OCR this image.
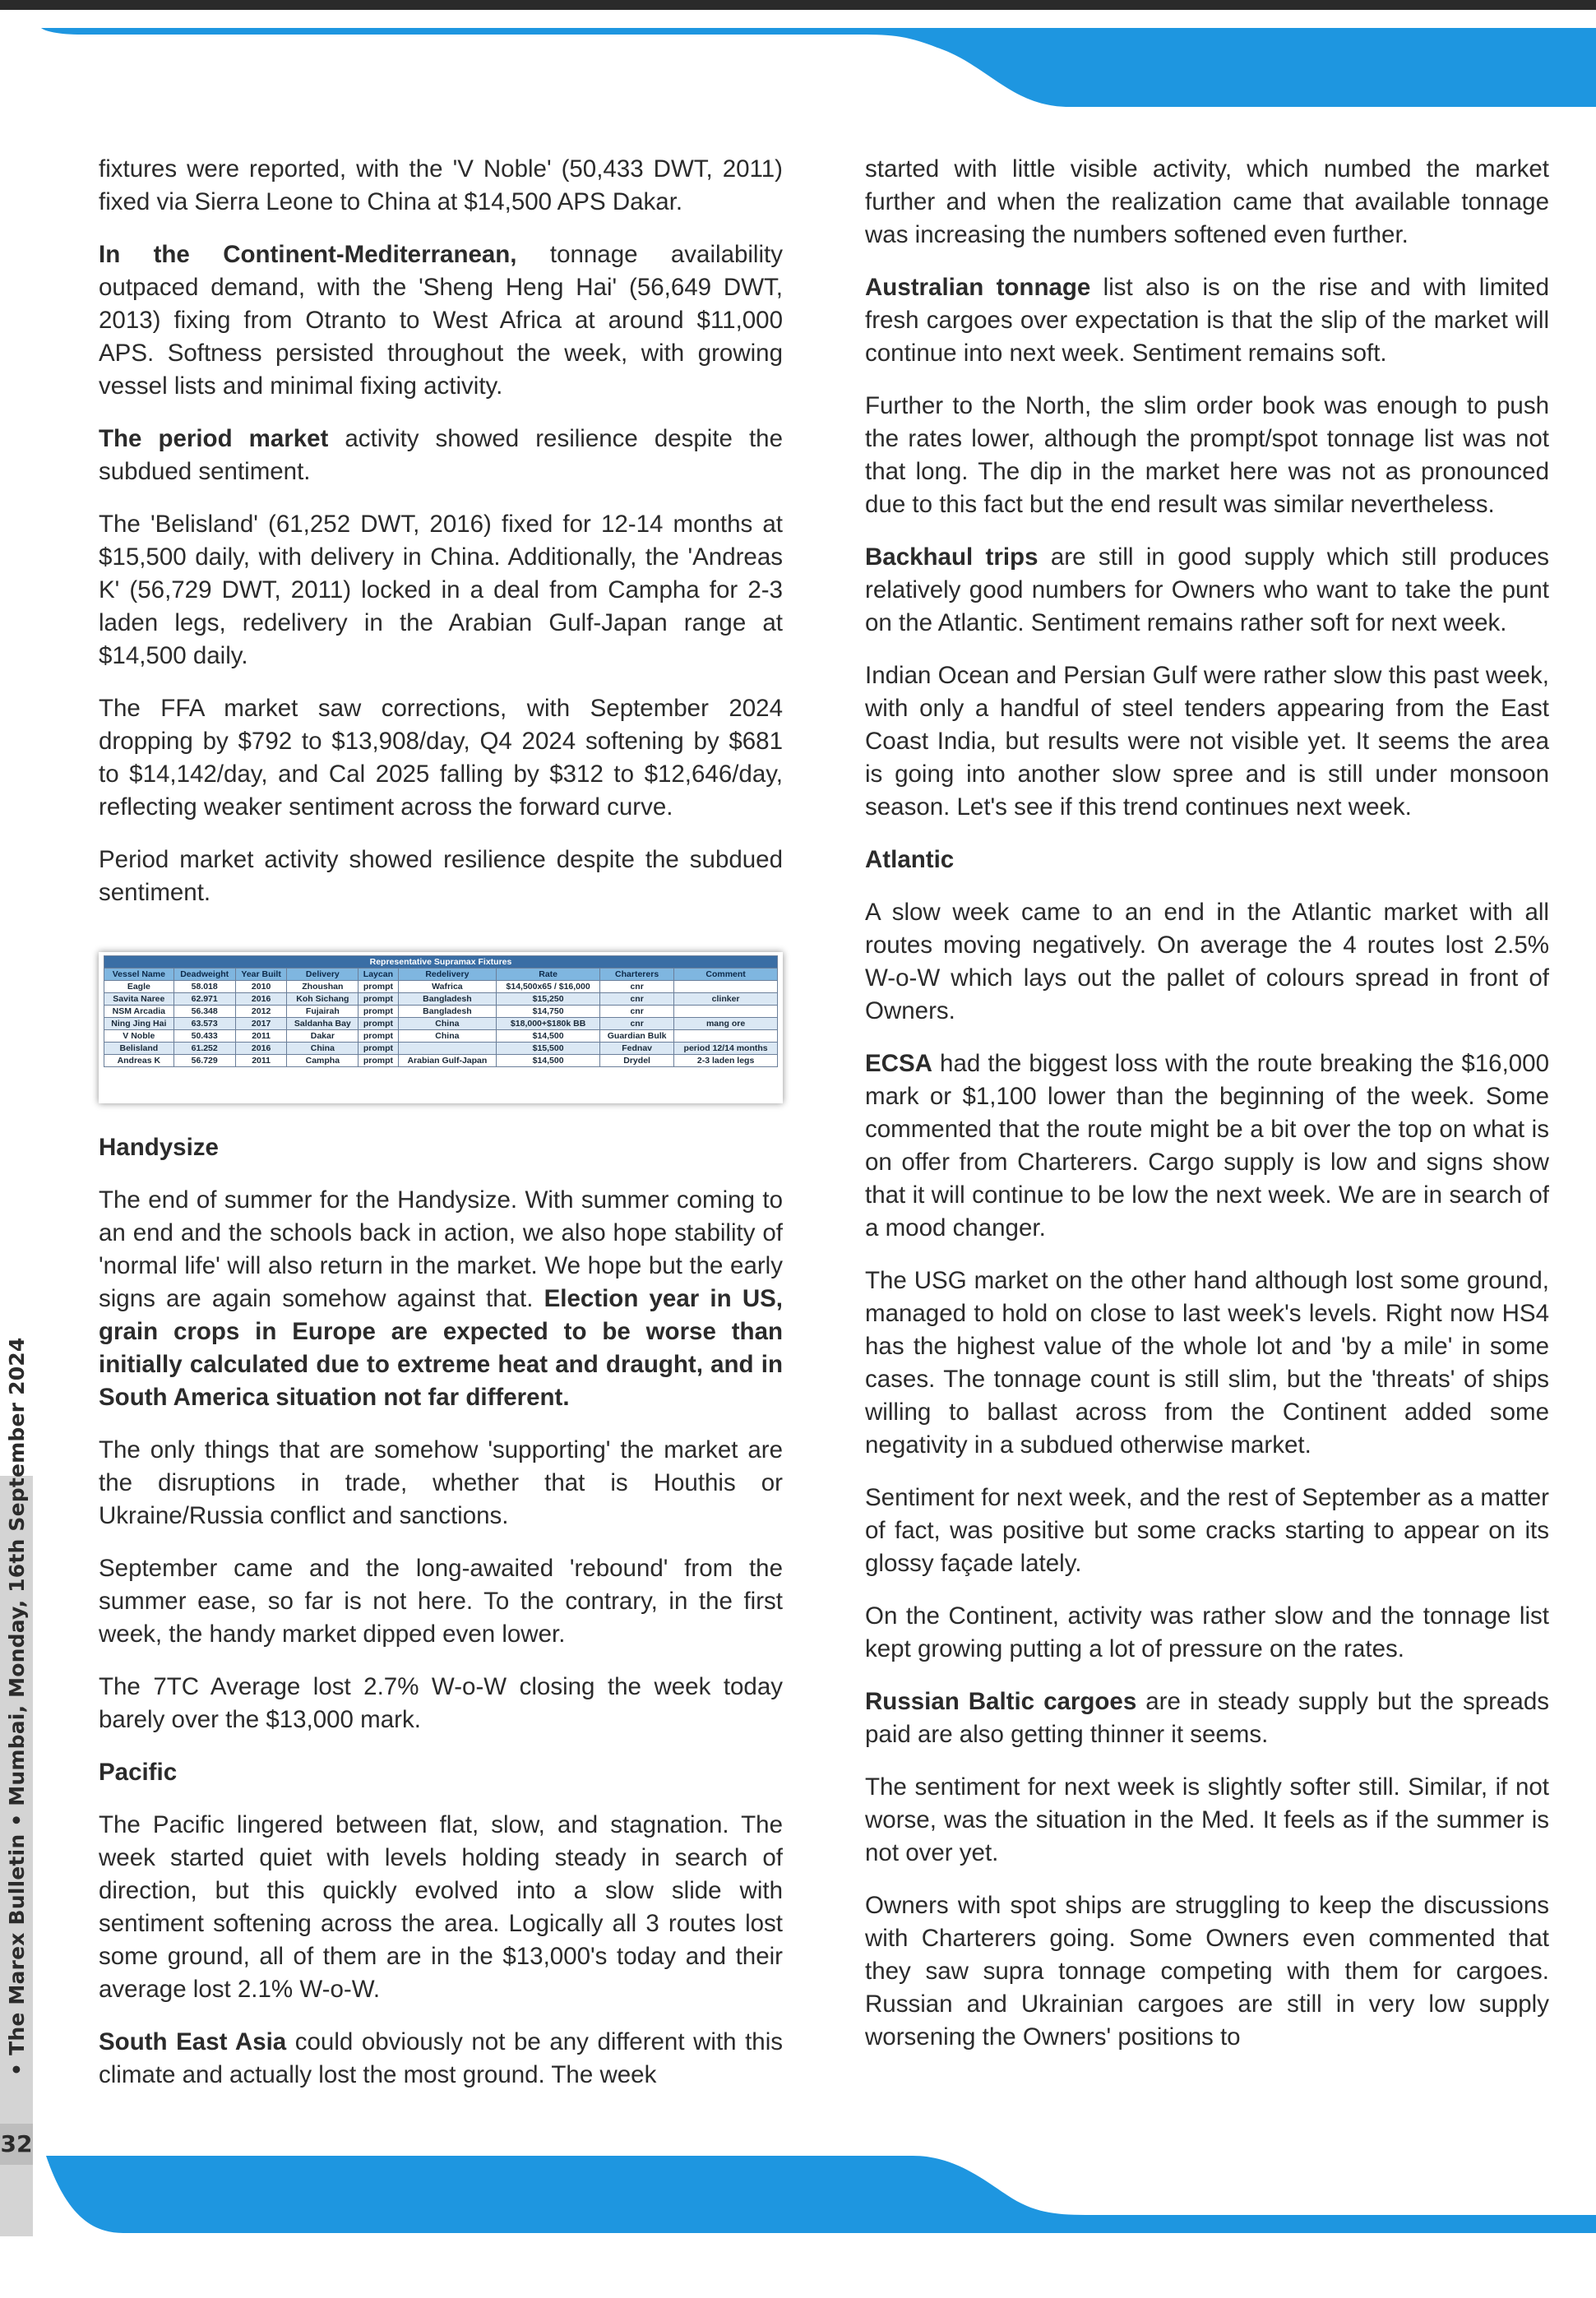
32

fixtures were reported, with the 'V Noble' (50,433 DWT, 2011) fixed via Sierra Leone to China at $14,500 APS Dakar.

In the Continent-Mediterranean, tonnage availability outpaced demand, with the 'Sheng Heng Hai' (56,649 DWT, 2013) fixing from Otranto to West Africa at around $11,000 APS. Softness persisted throughout the week, with growing vessel lists and minimal fixing activity.

The period market activity showed resilience despite the subdued sentiment.

The 'Belisland' (61,252 DWT, 2016) fixed for 12-14 months at $15,500 daily, with delivery in China. Additionally, the 'Andreas K' (56,729 DWT, 2011) locked in a deal from Campha for 2-3 laden legs, redelivery in the Arabian Gulf-Japan range at $14,500 daily.

The FFA market saw corrections, with September 2024 dropping by $792 to $13,908/day, Q4 2024 softening by $681 to $14,142/day, and Cal 2025 falling by $312 to $12,646/day, reflecting weaker sentiment across the forward curve.

Period market activity showed resilience despite the subdued sentiment.

Representative Supramax Fixtures								
Vessel Name	Deadweight	Year Built	Delivery	Laycan	Redelivery	Rate	Charterers	Comment
Eagle	58.018	2010	Zhoushan	prompt	Wafrica	$14,500x65 / $16,000	cnr	
Savita Naree	62.971	2016	Koh Sichang	prompt	Bangladesh	$15,250	cnr	clinker
NSM Arcadia	56.348	2012	Fujairah	prompt	Bangladesh	$14,750	cnr	
Ning Jing Hai	63.573	2017	Saldanha Bay	prompt	China	$18,000+$180k BB	cnr	mang ore
V Noble	50.433	2011	Dakar	prompt	China	$14,500	Guardian Bulk	
Belisland	61.252	2016	China	prompt		$15,500	Fednav	period 12/14 months
Andreas K	56.729	2011	Campha	prompt	Arabian Gulf-Japan	$14,500	Drydel	2-3 laden legs
Handysize

The end of summer for the Handysize. With summer coming to an end and the schools back in action, we also hope stability of 'normal life' will also return in the market. We hope but the early signs are again somehow against that. Election year in US, grain crops in Europe are expected to be worse than initially calculated due to extreme heat and draught, and in South America situation not far different.

The only things that are somehow 'supporting' the market are the disruptions in trade, whether that is Houthis or Ukraine/Russia conflict and sanctions.

September came and the long-awaited 'rebound' from the summer ease, so far is not here. To the contrary, in the first week, the handy market dipped even lower.

The 7TC Average lost 2.7% W-o-W closing the week today barely over the $13,000 mark.

Pacific

The Pacific lingered between flat, slow, and stagnation. The week started quiet with levels holding steady in search of direction, but this quickly evolved into a slow slide with sentiment softening across the area. Logically all 3 routes lost some ground, all of them are in the $13,000's today and their average lost 2.1% W-o-W.

South East Asia could obviously not be any different with this climate and actually lost the most ground. The week

started with little visible activity, which numbed the market further and when the realization came that available tonnage was increasing the numbers softened even further.

Australian tonnage list also is on the rise and with limited fresh cargoes over expectation is that the slip of the market will continue into next week. Sentiment remains soft.

Further to the North, the slim order book was enough to push the rates lower, although the prompt/spot tonnage list was not that long. The dip in the market here was not as pronounced due to this fact but the end result was similar nevertheless.

Backhaul trips are still in good supply which still produces relatively good numbers for Owners who want to take the punt on the Atlantic. Sentiment remains rather soft for next week.

Indian Ocean and Persian Gulf were rather slow this past week, with only a handful of steel tenders appearing from the East Coast India, but results were not visible yet. It seems the area is going into another slow spree and is still under monsoon season. Let's see if this trend continues next week.

Atlantic

A slow week came to an end in the Atlantic market with all routes moving negatively. On average the 4 routes lost 2.5% W-o-W which lays out the pallet of colours spread in front of Owners.

ECSA had the biggest loss with the route breaking the $16,000 mark or $1,100 lower than the beginning of the week. Some commented that the route might be a bit over the top on what is on offer from Charterers. Cargo supply is low and signs show that it will continue to be low the next week. We are in search of a mood changer.

The USG market on the other hand although lost some ground, managed to hold on close to last week's levels. Right now HS4 has the highest value of the whole lot and 'by a mile' in some cases. The tonnage count is still slim, but the 'threats' of ships willing to ballast across from the Continent added some negativity in a subdued otherwise market.

Sentiment for next week, and the rest of September as a matter of fact, was positive but some cracks starting to appear on its glossy façade lately.

On the Continent, activity was rather slow and the tonnage list kept growing putting a lot of pressure on the rates.

Russian Baltic cargoes are in steady supply but the spreads paid are also getting thinner it seems.

The sentiment for next week is slightly softer still. Similar, if not worse, was the situation in the Med. It feels as if the summer is not over yet.

Owners with spot ships are struggling to keep the discussions with Charterers going. Some Owners even commented that they saw supra tonnage competing with them for cargoes. Russian and Ukrainian cargoes are still in very low supply worsening the Owners' positions to
